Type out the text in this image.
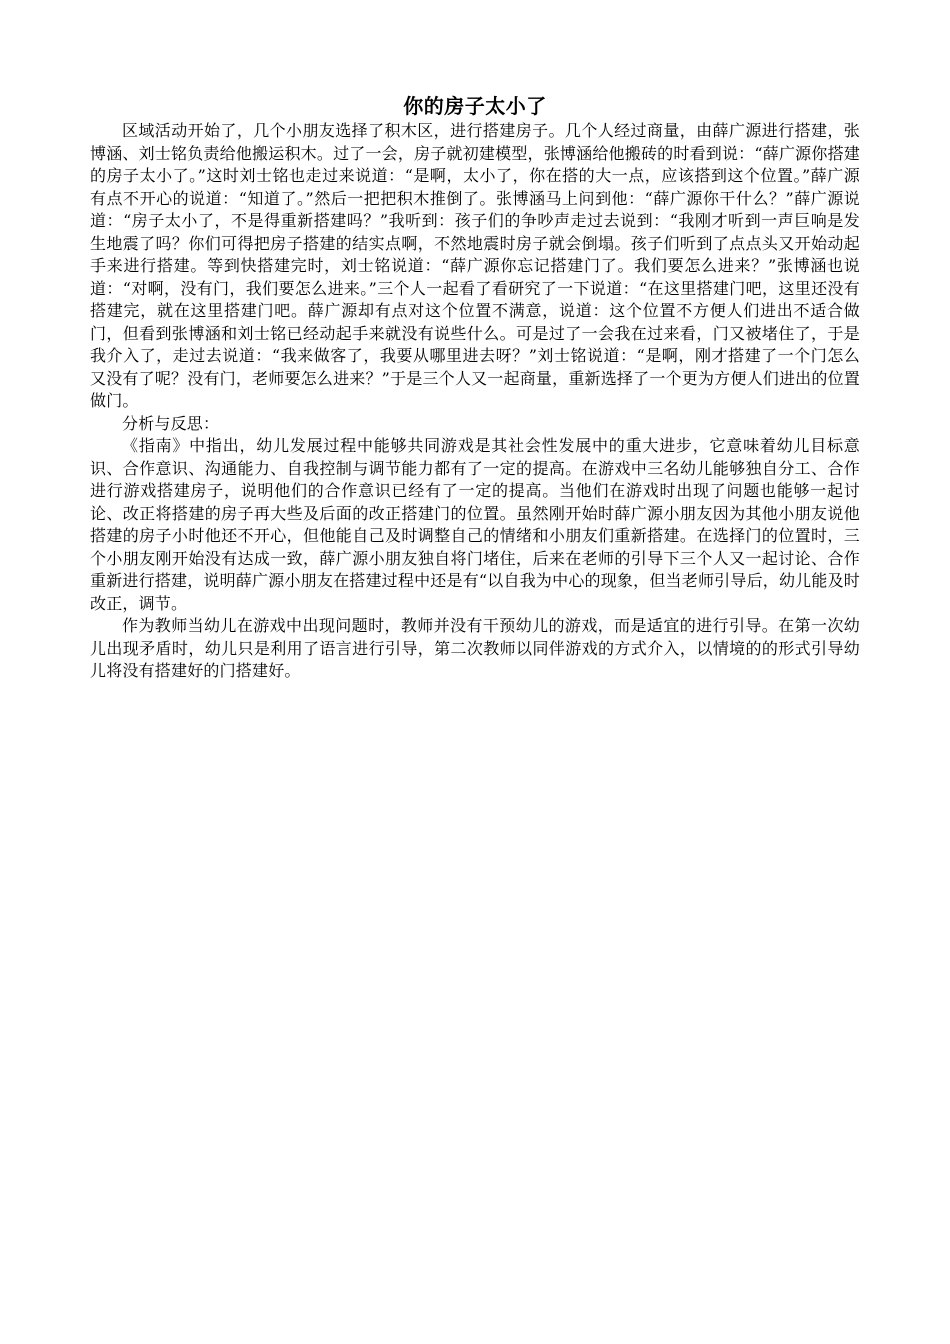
你的房子太小了

区域活动开始了，几个小朋友选择了积木区，进行搭建房子。几个人经过商量，由薛广源进行搭建，张博涵、刘士铭负责给他搬运积木。过了一会，房子就初建模型，张博涵给他搬砖的时看到说：“薛广源你搭建的房子太小了。”这时刘士铭也走过来说道：“是啊，太小了，你在搭的大一点，应该搭到这个位置。”薛广源有点不开心的说道：“知道了。”然后一把把积木推倒了。张博涵马上问到他：“薛广源你干什么？”薛广源说道：“房子太小了，不是得重新搭建吗？”我听到：孩子们的争吵声走过去说到：“我刚才听到一声巨响是发生地震了吗？你们可得把房子搭建的结实点啊，不然地震时房子就会倒塌。孩子们听到了点点头又开始动起手来进行搭建。等到快搭建完时，刘士铭说道：“薛广源你忘记搭建门了。我们要怎么进来？”张博涵也说道：“对啊，没有门，我们要怎么进来。”三个人一起看了看研究了一下说道：“在这里搭建门吧，这里还没有搭建完，就在这里搭建门吧。薛广源却有点对这个位置不满意，说道：这个位置不方便人们进出不适合做门，但看到张博涵和刘士铭已经动起手来就没有说些什么。可是过了一会我在过来看，门又被堵住了，于是我介入了，走过去说道：“我来做客了，我要从哪里进去呀？”刘士铭说道：“是啊，刚才搭建了一个门怎么又没有了呢？没有门，老师要怎么进来？”于是三个人又一起商量，重新选择了一个更为方便人们进出的位置做门。

分析与反思：

《指南》中指出，幼儿发展过程中能够共同游戏是其社会性发展中的重大进步，它意味着幼儿目标意识、合作意识、沟通能力、自我控制与调节能力都有了一定的提高。在游戏中三名幼儿能够独自分工、合作进行游戏搭建房子，说明他们的合作意识已经有了一定的提高。当他们在游戏时出现了问题也能够一起讨论、改正将搭建的房子再大些及后面的改正搭建门的位置。虽然刚开始时薛广源小朋友因为其他小朋友说他搭建的房子小时他还不开心，但他能自己及时调整自己的情绪和小朋友们重新搭建。在选择门的位置时，三个小朋友刚开始没有达成一致，薛广源小朋友独自将门堵住，后来在老师的引导下三个人又一起讨论、合作重新进行搭建，说明薛广源小朋友在搭建过程中还是有“以自我为中心的现象，但当老师引导后，幼儿能及时改正，调节。

作为教师当幼儿在游戏中出现问题时，教师并没有干预幼儿的游戏，而是适宜的进行引导。在第一次幼儿出现矛盾时，幼儿只是利用了语言进行引导，第二次教师以同伴游戏的方式介入，以情境的的形式引导幼儿将没有搭建好的门搭建好。
